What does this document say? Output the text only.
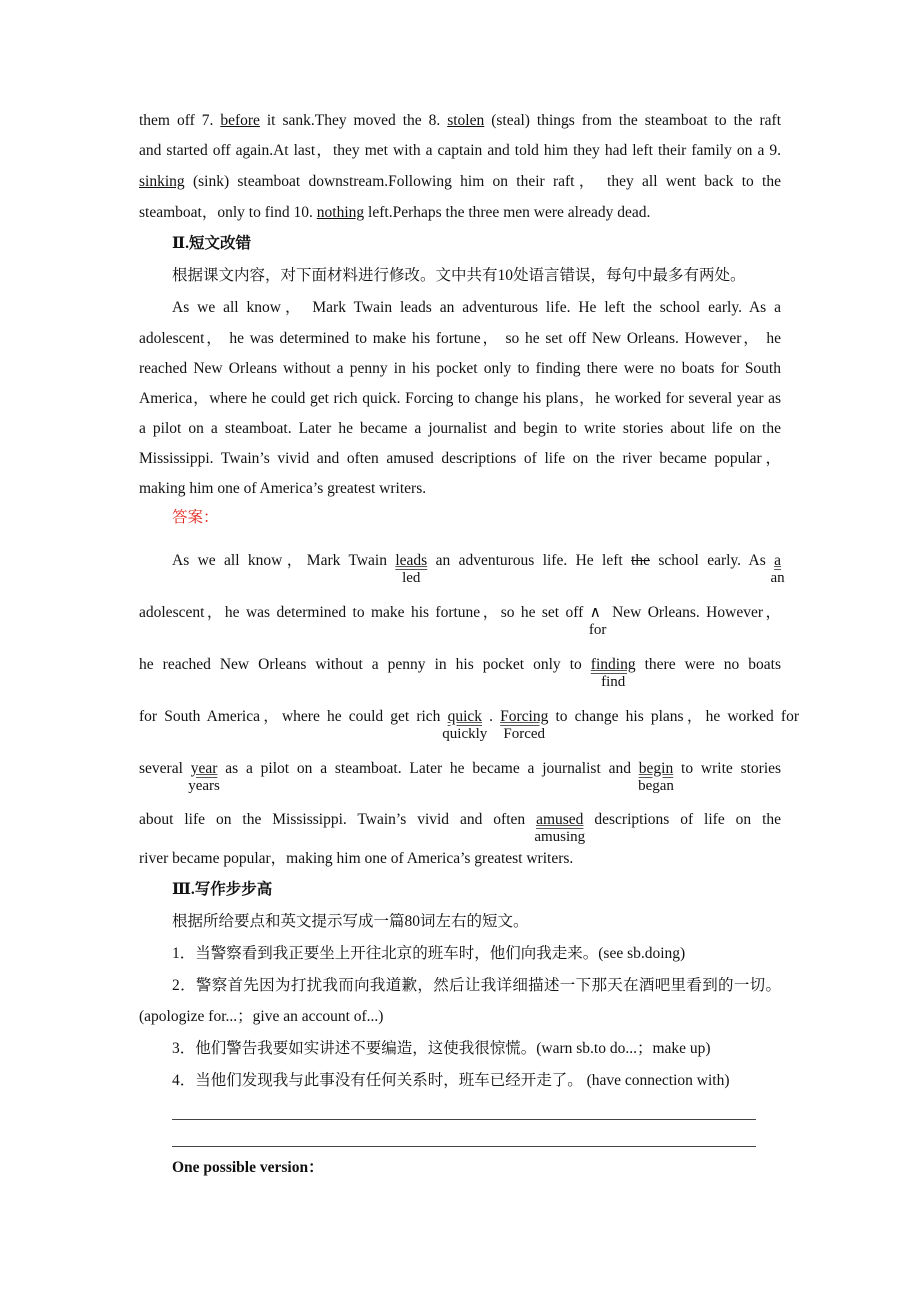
them off 7. before it sank.They moved the 8. stolen (steal) things from the steamboat to the raft
and started off again.At last，they met with a captain and told him they had left their family on a 9.
sinking (sink) steamboat downstream.Following him on their raft， they all went back to the
steamboat，only to find 10. nothing left.Perhaps the three men were already dead.
Ⅱ.短文改错
根据课文内容，对下面材料进行修改。文中共有10处语言错误，每句中最多有两处。
As we all know， Mark Twain leads an adventurous life. He left the school early. As a
adolescent， he was determined to make his fortune， so he set off New Orleans. However， he
reached New Orleans without a penny in his pocket only to finding there were no boats for South
America，where he could get rich quick. Forcing to change his plans，he worked for several year as
a pilot on a steamboat. Later he became a journalist and begin to write stories about life on the
Mississippi. Twain’s vivid and often amused descriptions of life on the river became popular，
making him one of America’s greatest writers.
答案：
As we all know，Mark Twain leads
led
an adventurous life. He left the school early. As a
an
adolescent，he was determined to make his fortune，so he set off ∧
for
New Orleans. However，
he reached New Orleans without a penny in his pocket only to finding
find
there were no boats
for South America，where he could get rich quick
quickly
. Forcing
Forced
to change his plans，he worked for
several year
years
as a pilot on a steamboat. Later he became a journalist and begin
began
to write stories
about life on the Mississippi. Twain’s vivid and often amused
amusing
descriptions of life on the
river became popular，making him one of America’s greatest writers.
Ⅲ.写作步步高
根据所给要点和英文提示写成一篇80词左右的短文。
1．当警察看到我正要坐上开往北京的班车时，他们向我走来。(see sb.doing)
2．警察首先因为打扰我而向我道歉，然后让我详细描述一下那天在酒吧里看到的一切。
(apologize for...；give an account of...)
3．他们警告我要如实讲述不要编造，这使我很惊慌。(warn sb.to do...；make up)
4．当他们发现我与此事没有任何关系时，班车已经开走了。 (have connection with)
One possible version：
